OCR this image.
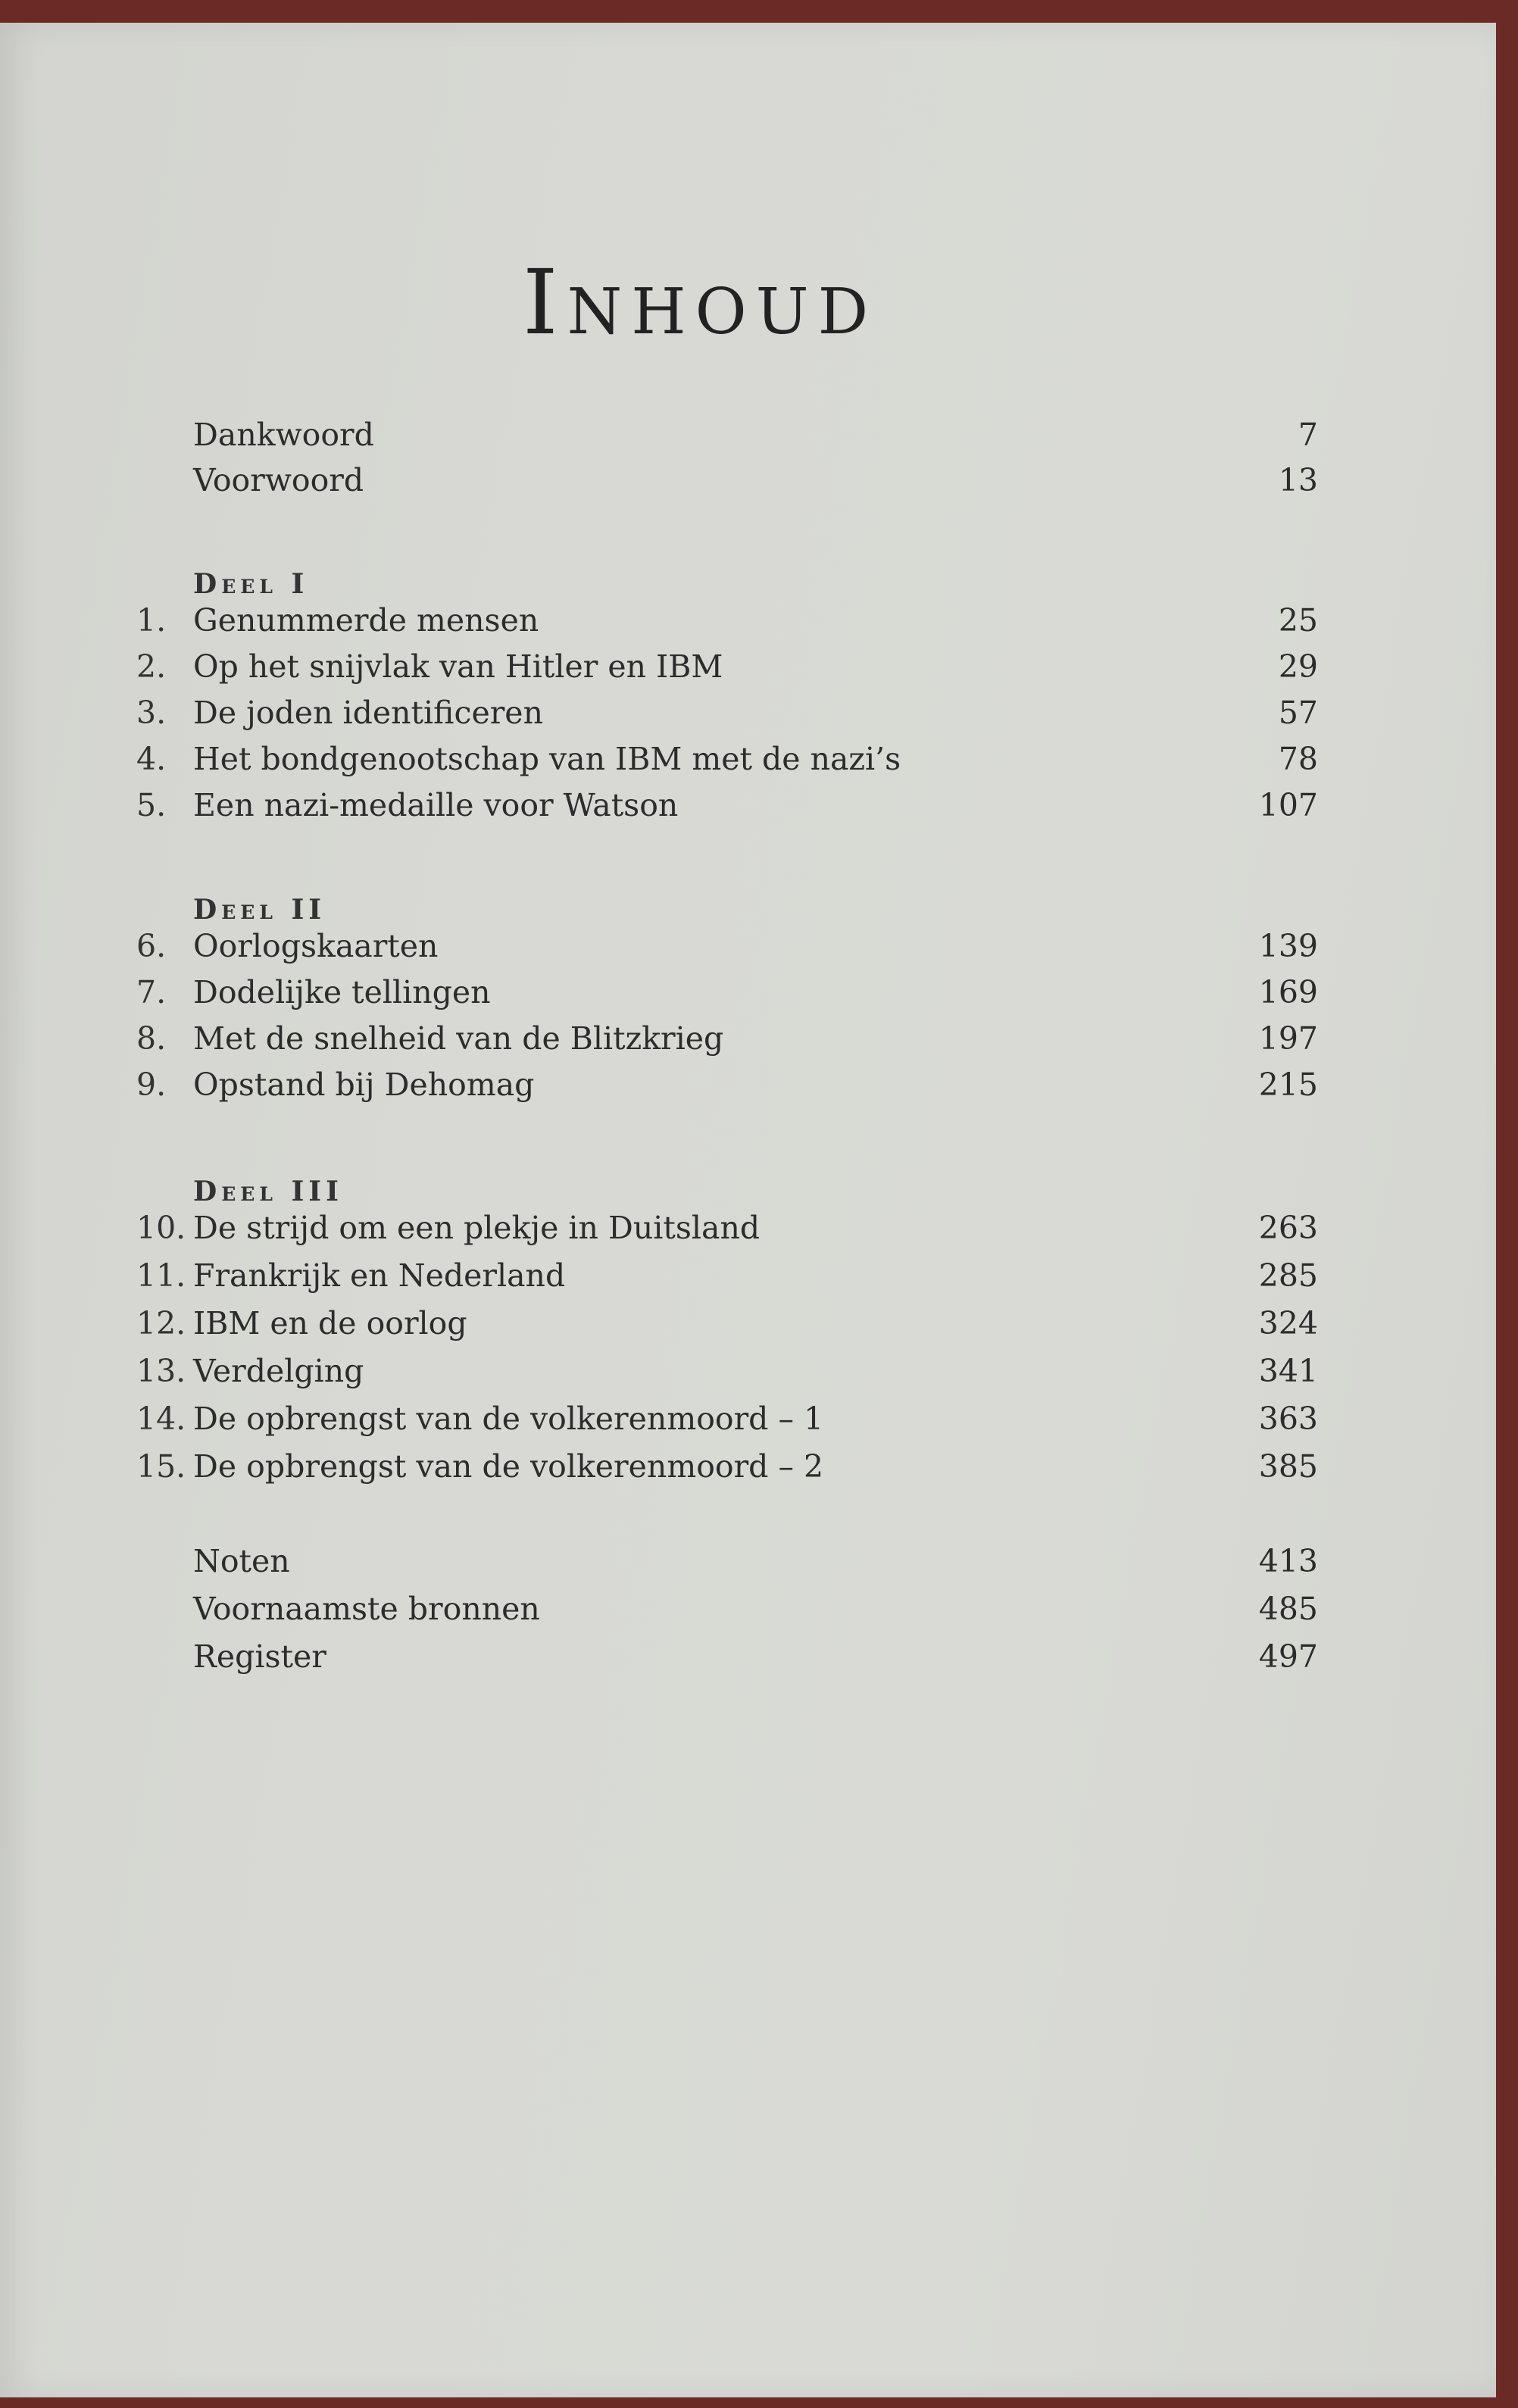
Inhoud
Dankwoord	7
Voorwoord	13
Deel I
1. Genummerde mensen	25
2. Op het snijvlak van Hitler en IBM	29
3. De joden identificeren	57
4. Het bondgenootschap van IBM met de nazi’s	78
5. Een nazi-medaille voor Watson	107
Deel II
6. Oorlogskaarten	139
7. Dodelijke tellingen	169
8. Met de snelheid van de Blitzkrieg	197
9. Opstand bij Dehomag	215
Deel III
10. De strijd om een plekje in Duitsland	263
11. Frankrijk en Nederland	285
12. IBM en de oorlog	324
13. Verdelging	341
14. De opbrengst van de volkerenmoord – 1	363
15. De opbrengst van de volkerenmoord – 2	385
Noten	413
Voornaamste bronnen	485
Register	497
